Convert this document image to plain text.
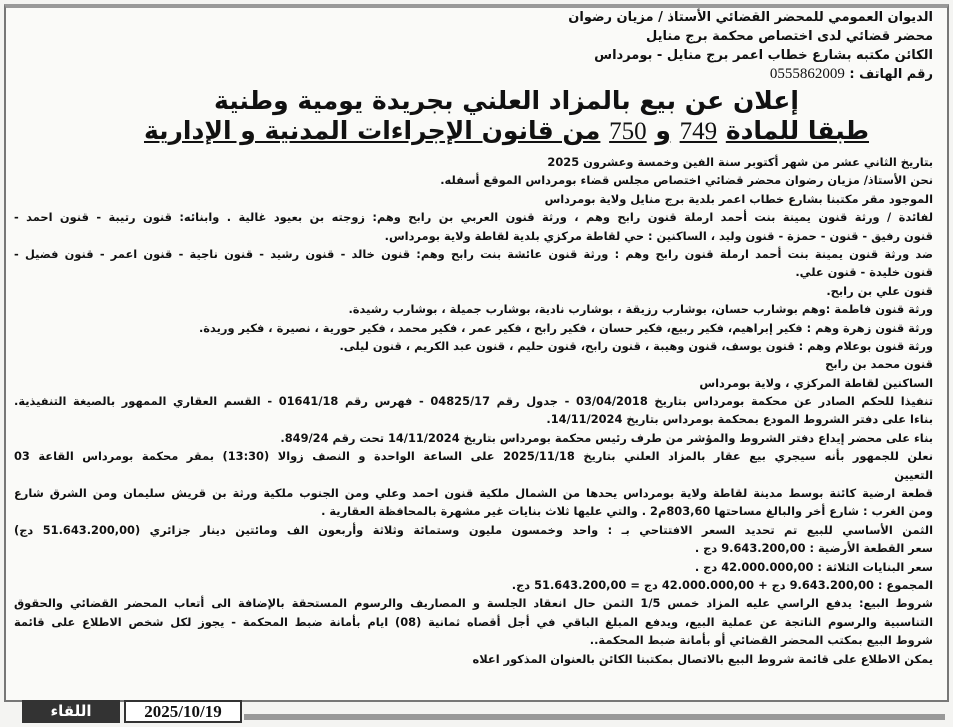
الديوان العمومي للمحضر القضائي الأستاذ / مزيان رضوان
محضر قضائي لدى اختصاص محكمة برج منايل
الكائن مكتبه بشارع خطاب اعمر برج منايل - بومرداس
رقم الهاتف : 0555862009
إعلان عن بيع بالمزاد العلني بجريدة يومية وطنية
طبقا للمادة 749 و 750 من قانون الإجراءات المدنية و الإدارية
بتاريخ الثاني عشر من شهر أكتوبر سنة الفين وخمسة وعشرون 2025
نحن الأستاذ/ مزيان رضوان محضر قضائي اختصاص مجلس قضاء بومرداس الموقع أسفله.
الموجود مقر مكتبنا بشارع خطاب اعمر بلدية برج منايل ولاية بومرداس
لفائدة / ورثة قنون يمينة بنت أحمد ارملة قنون رابح وهم ، ورثة قنون العربي بن رابح وهم: زوجته بن بعيود غالية . وابنائه: قنون رتيبة - قنون احمد -
قنون رفيق - قنون - حمزة - قنون وليد ، الساكنين : حي لقاطة مركزي بلدية لقاطة ولاية بومرداس.
ضد ورثة قنون يمينة بنت أحمد ارملة قنون رابح وهم : ورثة قنون عائشة بنت رابح وهم: قنون خالد - قنون رشيد - قنون ناجية - قنون اعمر - قنون فضيل -
قنون خليدة - قنون علي.
قنون علي بن رابح.
ورثة قنون فاطمة :وهم بوشارب حسان، بوشارب رزيقة ، بوشارب نادية، بوشارب جميلة ، بوشارب رشيدة.
ورثة قنون زهرة وهم : فكير إبراهيم، فكير ربيع، فكير حسان ، فكير رابح ، فكير عمر ، فكير محمد ، فكير حورية ، نصيرة ، فكير وريدة.
ورثة قنون بوعلام وهم : قنون يوسف، قنون وهيبة ، قنون رابح، قنون حليم ، قنون عبد الكريم ، قنون ليلى.
قنون محمد بن رابح
الساكنين لقاطة المركزي ، ولاية بومرداس
تنفيذا للحكم الصادر عن محكمة بومرداس بتاريخ 03/04/2018 - جدول رقم 04825/17 - فهرس رقم 01641/18 - القسم العقاري الممهور بالصيغة التنفيذية.
بناءا على دفتر الشروط المودع بمحكمة بومرداس بتاريخ 14/11/2024.
بناء على محضر إيداع دفتر الشروط والمؤشر من طرف رئيس محكمة بومرداس بتاريخ 14/11/2024 تحت رقم 849/24.
نعلن للجمهور بأنه سيجري بيع عقار بالمزاد العلني بتاريخ 2025/11/18 على الساعة الواحدة و النصف زوالا (13:30) بمقر محكمة بومرداس القاعة 03
التعيين
قطعة ارضية كائنة بوسط مدينة لقاطة ولاية بومرداس يحدها من الشمال ملكية قنون احمد وعلي ومن الجنوب ملكية ورثة بن قريش سليمان ومن الشرق شارع
ومن الغرب : شارع أخر والبالغ مساحتها 803,60م2 . والتي عليها ثلاث بنايات غير مشهرة بالمحافظة العقارية .
الثمن الأساسي للبيع تم تحديد السعر الافتتاحي بـ : واحد وخمسون مليون وستمائة وثلاثة وأربعون الف ومائتين دينار جزائري (51.643.200,00 دج)
سعر القطعة الأرضية : 9.643.200,00 دج .
سعر البنايات الثلاثة : 42.000.000,00 دج .
المجموع : 9.643.200,00 دج + 42.000.000,00 دج = 51.643.200,00 دج.
شروط البيع: يدفع الراسي عليه المزاد خمس 1/5 الثمن حال انعقاد الجلسة و المصاريف والرسوم المستحقة بالإضافة الى أتعاب المحضر القضائي والحقوق
التناسبية والرسوم الناتجة عن عملية البيع، ويدفع المبلغ الباقي في أجل أقصاه ثمانية (08) ايام بأمانة ضبط المحكمة - يجوز لكل شخص الاطلاع على قائمة
شروط البيع بمكتب المحضر القضائي أو بأمانة ضبط المحكمة..
يمكن الاطلاع على قائمة شروط البيع بالاتصال بمكتبنا الكائن بالعنوان المذكور اعلاه
اللقاء	2025/10/19
